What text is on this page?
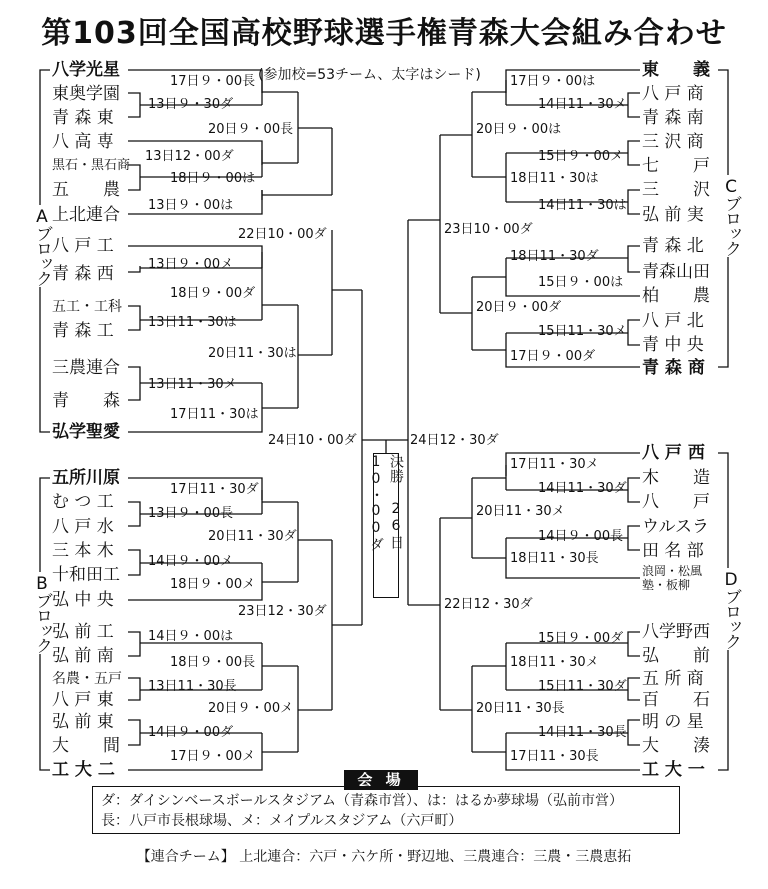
第103回全国高校野球選手権青森大会組み合わせ
(参加校=53チーム、太字はシード)
Aブロック
Bブロック
Cブロック
Dブロック
八学光星
東奥学園
青 森 東
八 高 専
黒石・黒石商
五　　農
上北連合
八 戸 工
青 森 西
五工・工科
青 森 工
三農連合
青　　森
弘学聖愛
五所川原
む つ 工
八 戸 水
三 本 木
十和田工
弘 中 央
弘 前 工
弘 前 南
名農・五戸
八 戸 東
弘 前 東
大　　間
工 大 二
東　　義
八 戸 商
青 森 南
三 沢 商
七　　戸
三　　沢
弘 前 実
青 森 北
青森山田
柏　　農
八 戸 北
青 中 央
青 森 商
八 戸 西
木　　造
八　　戸
ウルスラ
田 名 部
浪岡・松風 塾・板柳
八学野西
弘　　前
五 所 商
百　　石
明 の 星
大　　湊
工 大 一
17日９・00長
13日９・30ダ
20日９・00長
13日12・00ダ
18日９・00は
13日９・00は
22日10・00ダ
13日９・00メ
18日９・00ダ
13日11・30は
20日11・30は
13日11・30メ
17日11・30は
24日10・00ダ
17日11・30ダ
13日９・00長
20日11・30ダ
14日９・00メ
18日９・00メ
23日12・30ダ
14日９・00は
18日９・00長
13日11・30長
20日９・00メ
14日９・00ダ
17日９・00メ
17日９・00は
14日11・30メ
20日９・00は
15日９・00メ
18日11・30は
14日11・30は
23日10・00ダ
18日11・30ダ
15日９・00は
20日９・00ダ
15日11・30メ
17日９・00ダ
24日12・30ダ
17日11・30メ
14日11・30ダ
20日11・30メ
14日９・00長
18日11・30長
22日12・30ダ
15日９・00ダ
18日11・30メ
15日11・30ダ
20日11・30長
14日11・30長
17日11・30長
決勝 26日 10・00ダ
会 場
ダ：ダイシンベースボールスタジアム（青森市営）、は：はるか夢球場（弘前市営）
長：八戸市長根球場、メ：メイプルスタジアム（六戸町）
【連合チーム】 上北連合：六戸・六ケ所・野辺地、三農連合：三農・三農恵拓
